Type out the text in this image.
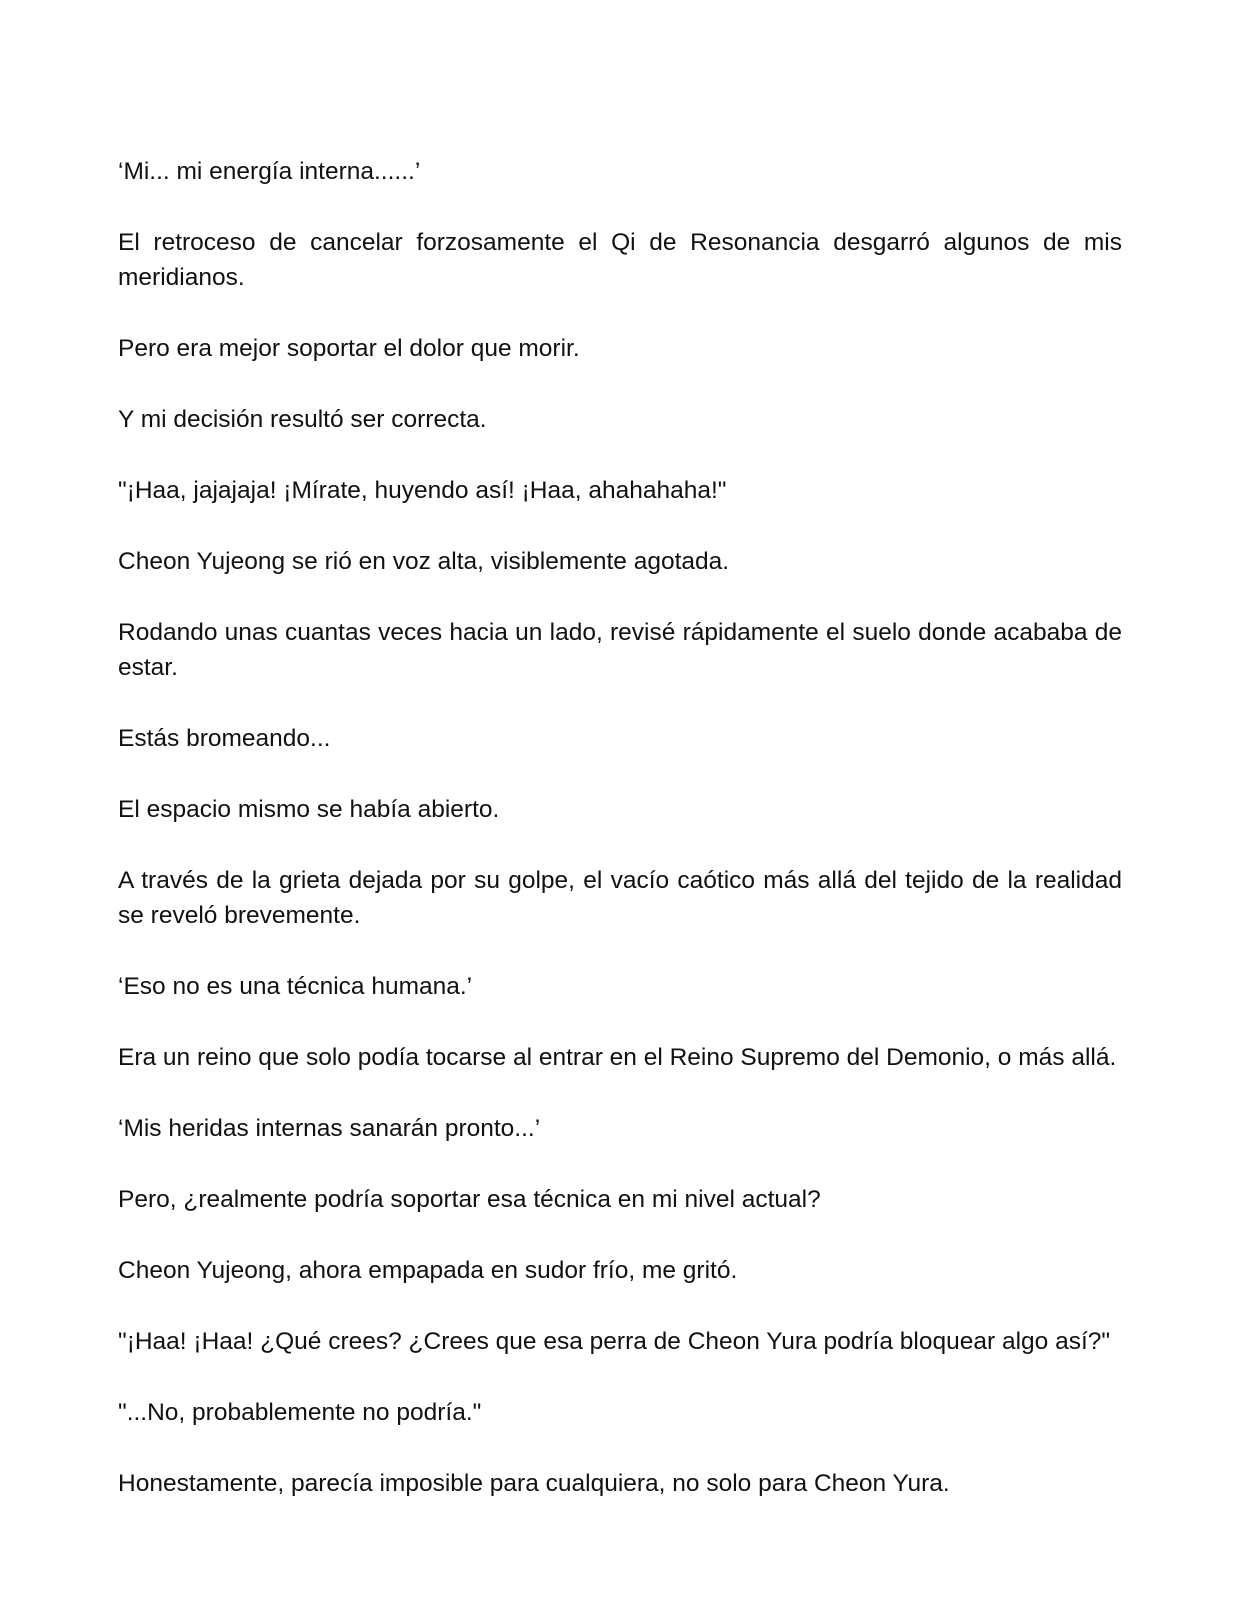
‘Mi... mi energía interna......’

El retroceso de cancelar forzosamente el Qi de Resonancia desgarró algunos de mis meridianos.

Pero era mejor soportar el dolor que morir.

Y mi decisión resultó ser correcta.

"¡Haa, jajajaja! ¡Mírate, huyendo así! ¡Haa, ahahahaha!"

Cheon Yujeong se rió en voz alta, visiblemente agotada.

Rodando unas cuantas veces hacia un lado, revisé rápidamente el suelo donde acababa de estar.

Estás bromeando...

El espacio mismo se había abierto.

A través de la grieta dejada por su golpe, el vacío caótico más allá del tejido de la realidad se reveló brevemente.

‘Eso no es una técnica humana.’

Era un reino que solo podía tocarse al entrar en el Reino Supremo del Demonio, o más allá.

‘Mis heridas internas sanarán pronto...’

Pero, ¿realmente podría soportar esa técnica en mi nivel actual?

Cheon Yujeong, ahora empapada en sudor frío, me gritó.

"¡Haa! ¡Haa! ¿Qué crees? ¿Crees que esa perra de Cheon Yura podría bloquear algo así?"

"...No, probablemente no podría."

Honestamente, parecía imposible para cualquiera, no solo para Cheon Yura.
